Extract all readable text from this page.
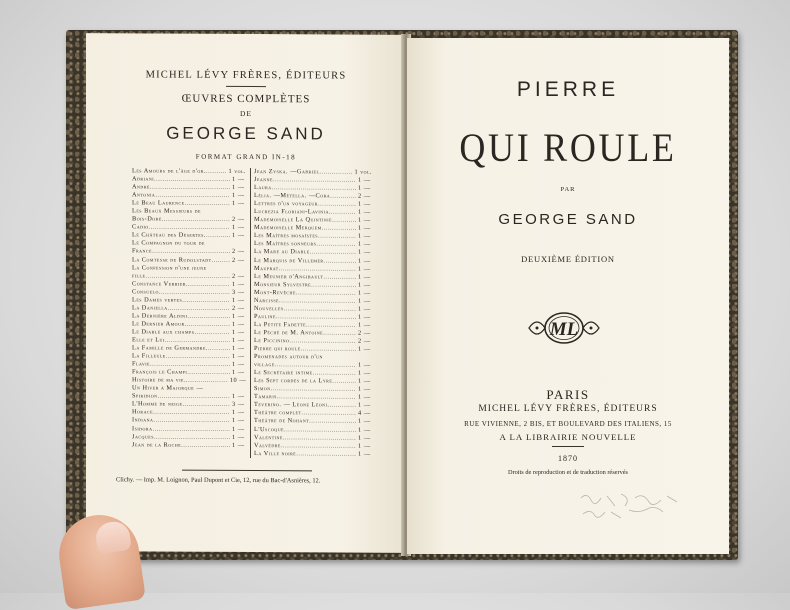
MICHEL LÉVY FRÈRES, ÉDITEURS
ŒUVRES COMPLÈTES
DE
GEORGE SAND
FORMAT GRAND IN-18
Les Amours de l'âge d'or. .....	1 vol.
Adriani .....	1 —
André .....	1 —
Antonia .....	1 —
Le Beau Laurence .....	1 —
Les Beaux Messieurs de
Bois-Doré .....	2 —
Cadio .....	1 —
Le Château des Désertes. .....	1 —
Le Compagnon du tour de
France .....	2 —
La Comtesse de Rudolstadt .....	2 —
La Confession d'une jeune
fille .....	2 —
Constance Verrier .....	1 —
Consuelo .....	3 —
Les Dames vertes .....	1 —
La Daniella .....	2 —
La Dernière Aldini .....	1 —
Le Dernier Amour .....	1 —
Le Diable aux champs .....	1 —
Elle et Lui .....	1 —
La Famille de Germandre .....	1 —
La Filleule .....	1 —
Flavie .....	1 —
François le Champi .....	1 —
Histoire de ma vie .....	10 —
Un Hiver à Majorque —
Spiridion .....	1 —
L'Homme de neige .....	3 —
Horace .....	1 —
Indiana .....	1 —
Isidora .....	1 —
Jacques .....	1 —
Jean de la Roche .....	1 —
Jean Zyska. —Gabriel .....	1 vol.
Jeanne .....	1 —
Laura .....	1 —
Lélia. —Métella. —Cora .....	2 —
Lettres d'un voyageur .....	1 —
Lucrezia Floriani-Lavinia. .....	1 —
Mademoiselle La Quintinie .....	1 —
Mademoiselle Merquem .....	1 —
Les Maîtres mosaïstes .....	1 —
Les Maîtres sonneurs .....	1 —
La Mare au Diable .....	1 —
Le Marquis de Villemer .....	1 —
Mauprat .....	1 —
Le Meunier d'Angibault .....	1 —
Monsieur Sylvestre .....	1 —
Mont-Revêche .....	1 —
Narcisse .....	1 —
Nouvelles .....	1 —
Pauline .....	1 —
La Petite Fadette .....	1 —
Le Péché de M. Antoine .....	2 —
Le Piccinino .....	2 —
Pierre qui roule .....	1 —
Promenades autour d'un
village .....	1 —
Le Secrétaire intime .....	1 —
Les Sept cordes de la Lyre .....	1 —
Simon .....	1 —
Tamaris .....	1 —
Teverino. — Léone Léoni. .....	1 —
Théâtre complet .....	4 —
Théâtre de Nohant .....	1 —
L'Uscoque .....	1 —
Valentine .....	1 —
Valvèdre .....	1 —
La Ville noire .....	1 —
Clichy. — Imp. M. Loignon, Paul Dupont et Cie, 12, rue du Bac-d'Asnières, 12.
PIERRE
QUI ROULE
PAR
GEORGE SAND
DEUXIÈME ÉDITION
ML
PARIS
MICHEL LÉVY FRÈRES, ÉDITEURS
RUE VIVIENNE, 2 BIS, ET BOULEVARD DES ITALIENS, 15
A LA LIBRAIRIE NOUVELLE
1870
Droits de reproduction et de traduction réservés
